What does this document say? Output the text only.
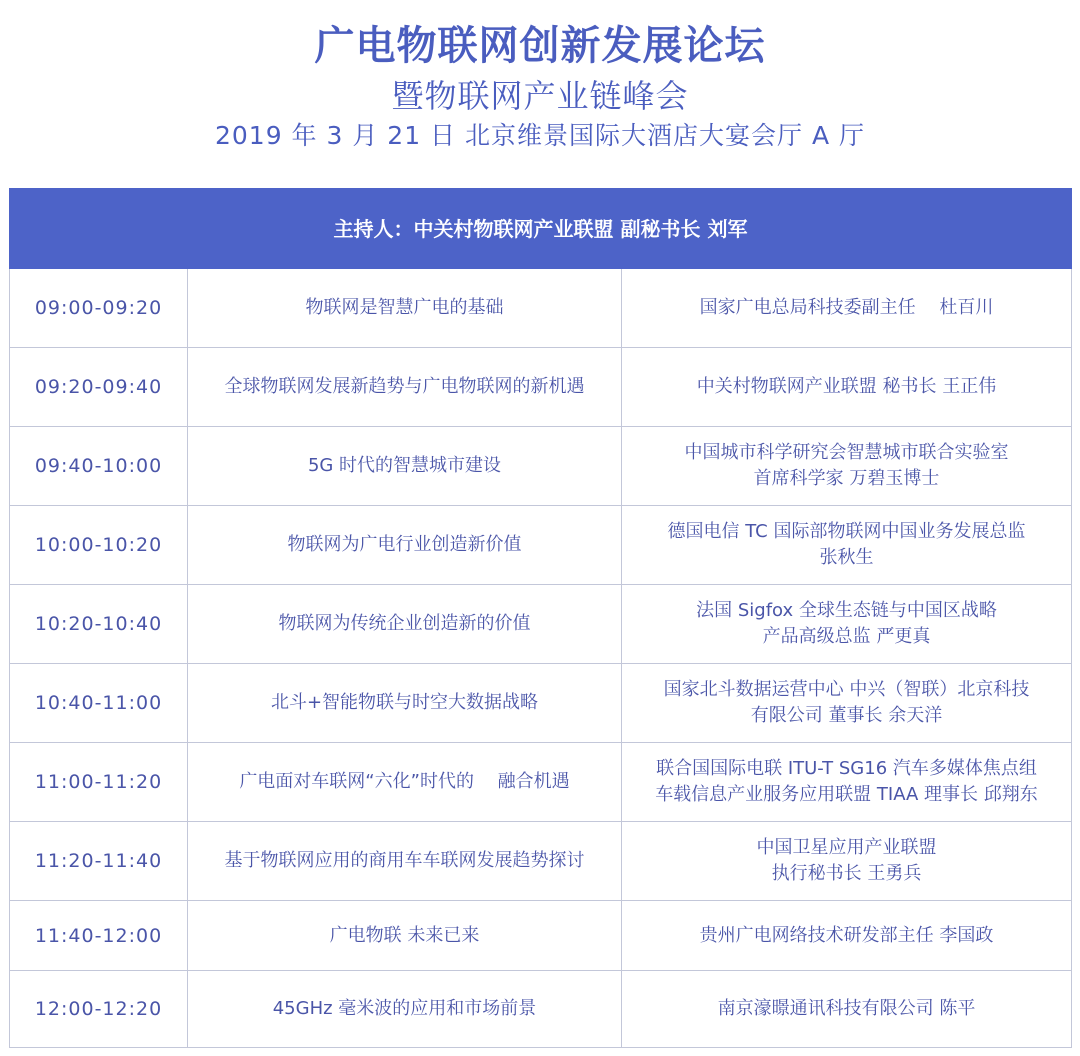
广电物联网创新发展论坛
暨物联网产业链峰会
2019 年 3 月 21 日 北京维景国际大酒店大宴会厅 A 厅
主持人：中关村物联网产业联盟 副秘书长 刘军		
09:00-09:20	物联网是智慧广电的基础	国家广电总局科技委副主任　 杜百川

09:20-09:40	全球物联网发展新趋势与广电物联网的新机遇	中关村物联网产业联盟 秘书长 王正伟

09:40-10:00	5G 时代的智慧城市建设	中国城市科学研究会智慧城市联合实验室
首席科学家 万碧玉博士

10:00-10:20	物联网为广电行业创造新价值	德国电信 TC 国际部物联网中国业务发展总监
张秋生

10:20-10:40	物联网为传统企业创造新的价值	法国 Sigfox 全球生态链与中国区战略
产品高级总监 严更真

10:40-11:00	北斗+智能物联与时空大数据战略	国家北斗数据运营中心 中兴（智联）北京科技
有限公司 董事长 余天洋

11:00-11:20	广电面对车联网“六化”时代的　 融合机遇	联合国国际电联 ITU-T SG16 汽车多媒体焦点组
车载信息产业服务应用联盟 TIAA 理事长 邱翔东

11:20-11:40	基于物联网应用的商用车车联网发展趋势探讨	中国卫星应用产业联盟
执行秘书长 王勇兵

11:40-12:00	广电物联 未来已来	贵州广电网络技术研发部主任 李国政

12:00-12:20	45GHz 毫米波的应用和市场前景	南京濠暻通讯科技有限公司 陈平
